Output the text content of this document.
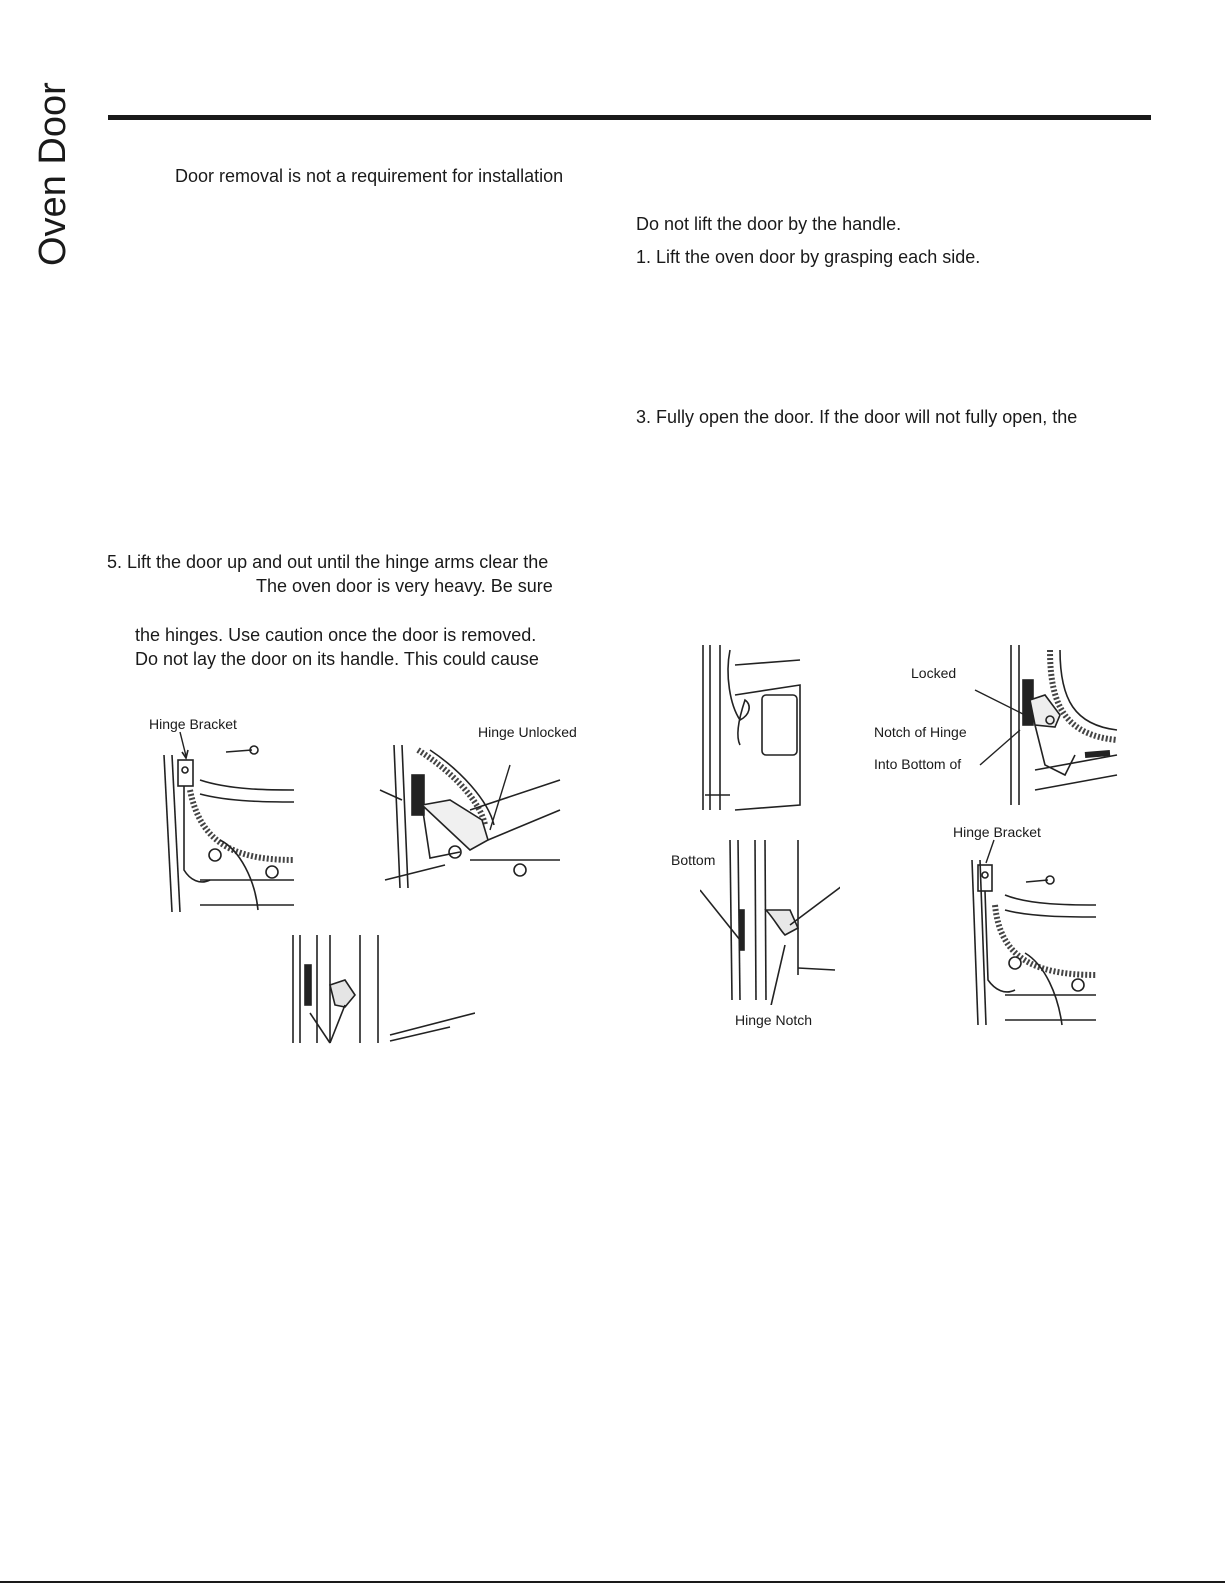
Oven Door	Door removal is not a requirement for installation
5. Lift the door up and out until the hinge arms clear the
The oven door is very heavy. Be sure
the hinges. Use caution once the door is removed.
Do not lay the door on its handle. This could cause
Do not lift the door by the handle.
1. Lift the oven door by grasping each side.
3. Fully open the door. If the door will not fully open, the
Hinge Bracket	Hinge Unlocked
Locked
Notch of Hinge
Into Bottom of
Hinge Bracket
Bottom
Hinge Notch
